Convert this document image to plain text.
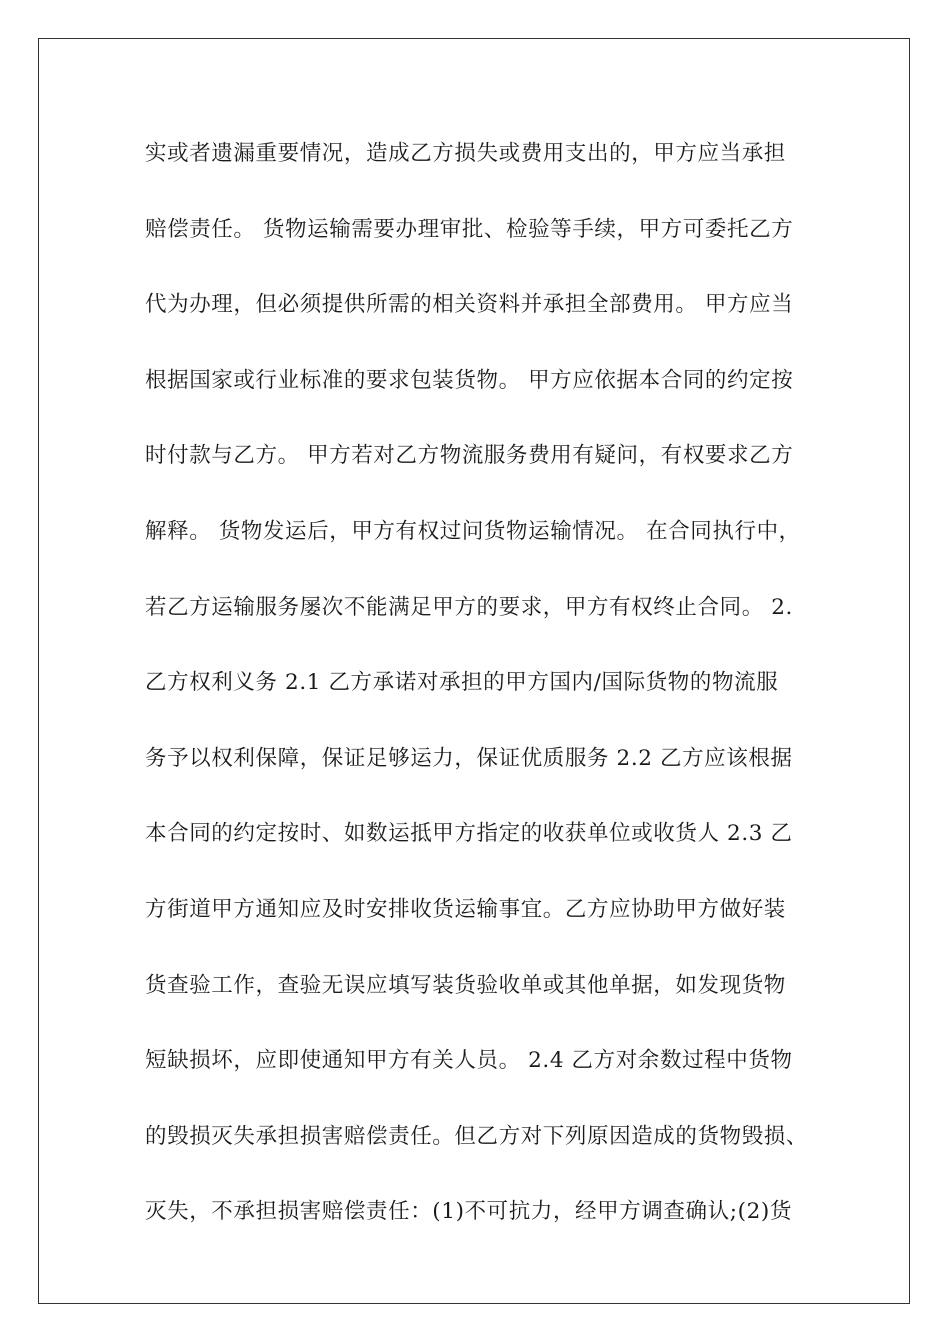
实或者遗漏重要情况，造成乙方损失或费用支出的，甲方应当承担
赔偿责任。 货物运输需要办理审批、检验等手续，甲方可委托乙方
代为办理，但必须提供所需的相关资料并承担全部费用。 甲方应当
根据国家或行业标准的要求包装货物。 甲方应依据本合同的约定按
时付款与乙方。 甲方若对乙方物流服务费用有疑问，有权要求乙方
解释。 货物发运后，甲方有权过问货物运输情况。 在合同执行中，
若乙方运输服务屡次不能满足甲方的要求，甲方有权终止合同。 2.
乙方权利义务 2.1 乙方承诺对承担的甲方国内/国际货物的物流服
务予以权利保障，保证足够运力，保证优质服务 2.2 乙方应该根据
本合同的约定按时、如数运抵甲方指定的收获单位或收货人 2.3 乙
方街道甲方通知应及时安排收货运输事宜。乙方应协助甲方做好装
货查验工作，查验无误应填写装货验收单或其他单据，如发现货物
短缺损坏，应即使通知甲方有关人员。 2.4 乙方对余数过程中货物
的毁损灭失承担损害赔偿责任。但乙方对下列原因造成的货物毁损、
灭失，不承担损害赔偿责任：(1)不可抗力，经甲方调查确认;(2)货
